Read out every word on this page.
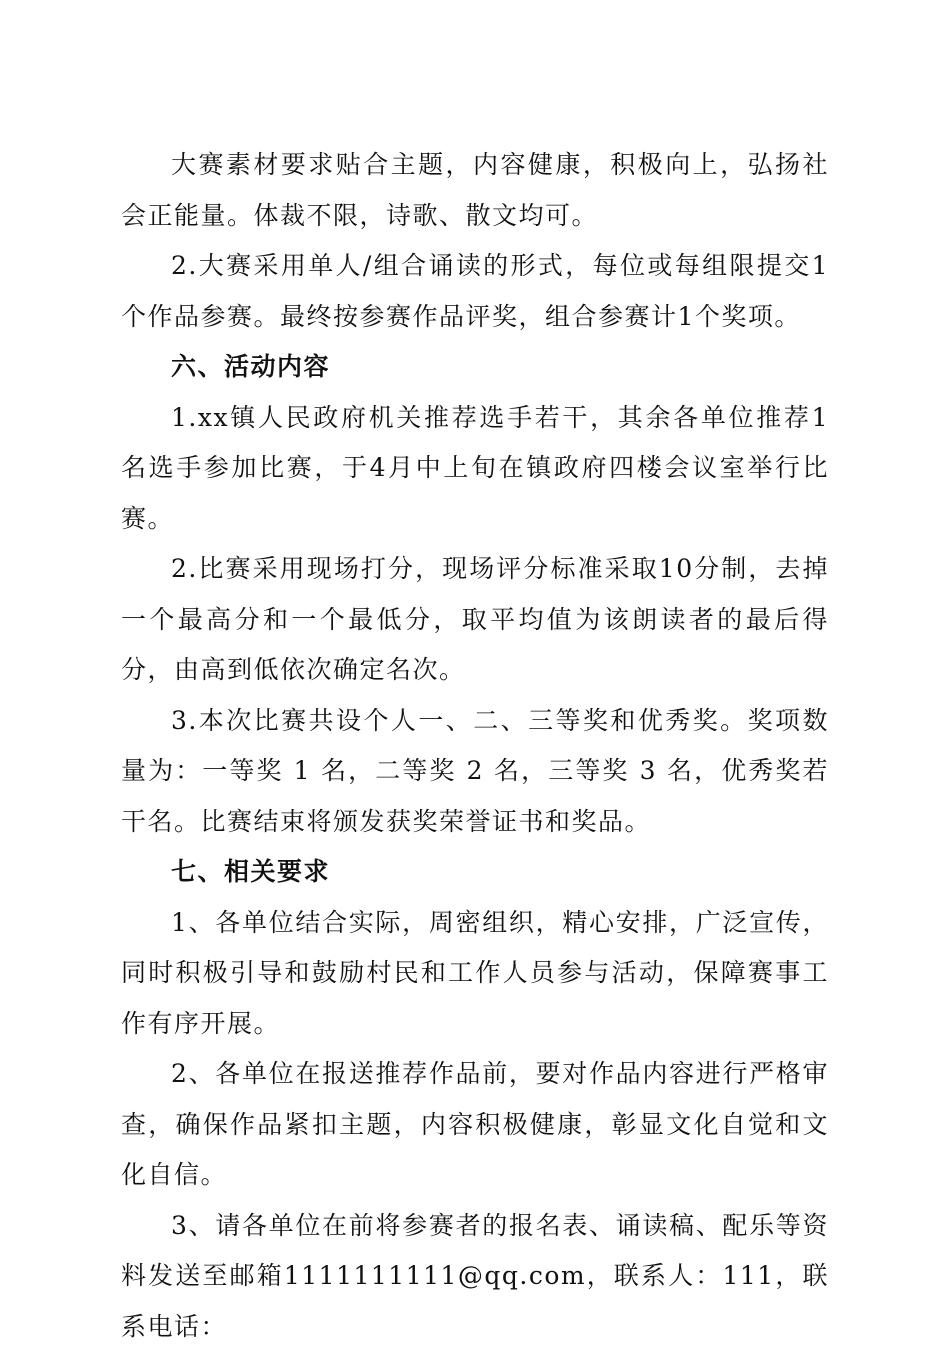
大赛素材要求贴合主题，内容健康，积极向上，弘扬社会正能量。体裁不限，诗歌、散文均可。

2.大赛采用单人/组合诵读的形式，每位或每组限提交1个作品参赛。最终按参赛作品评奖，组合参赛计1个奖项。

六、活动内容

1.xx镇人民政府机关推荐选手若干，其余各单位推荐1名选手参加比赛，于4月中上旬在镇政府四楼会议室举行比赛。

2.比赛采用现场打分，现场评分标准采取10分制，去掉一个最高分和一个最低分，取平均值为该朗读者的最后得分，由高到低依次确定名次。

3.本次比赛共设个人一、二、三等奖和优秀奖。奖项数量为：一等奖 1 名，二等奖 2 名，三等奖 3 名，优秀奖若干名。比赛结束将颁发获奖荣誉证书和奖品。

七、相关要求

1、各单位结合实际，周密组织，精心安排，广泛宣传，同时积极引导和鼓励村民和工作人员参与活动，保障赛事工作有序开展。

2、各单位在报送推荐作品前，要对作品内容进行严格审查，确保作品紧扣主题，内容积极健康，彰显文化自觉和文化自信。

3、请各单位在前将参赛者的报名表、诵读稿、配乐等资料发送至邮箱1111111111@qq.com，联系人：111，联系电话：
